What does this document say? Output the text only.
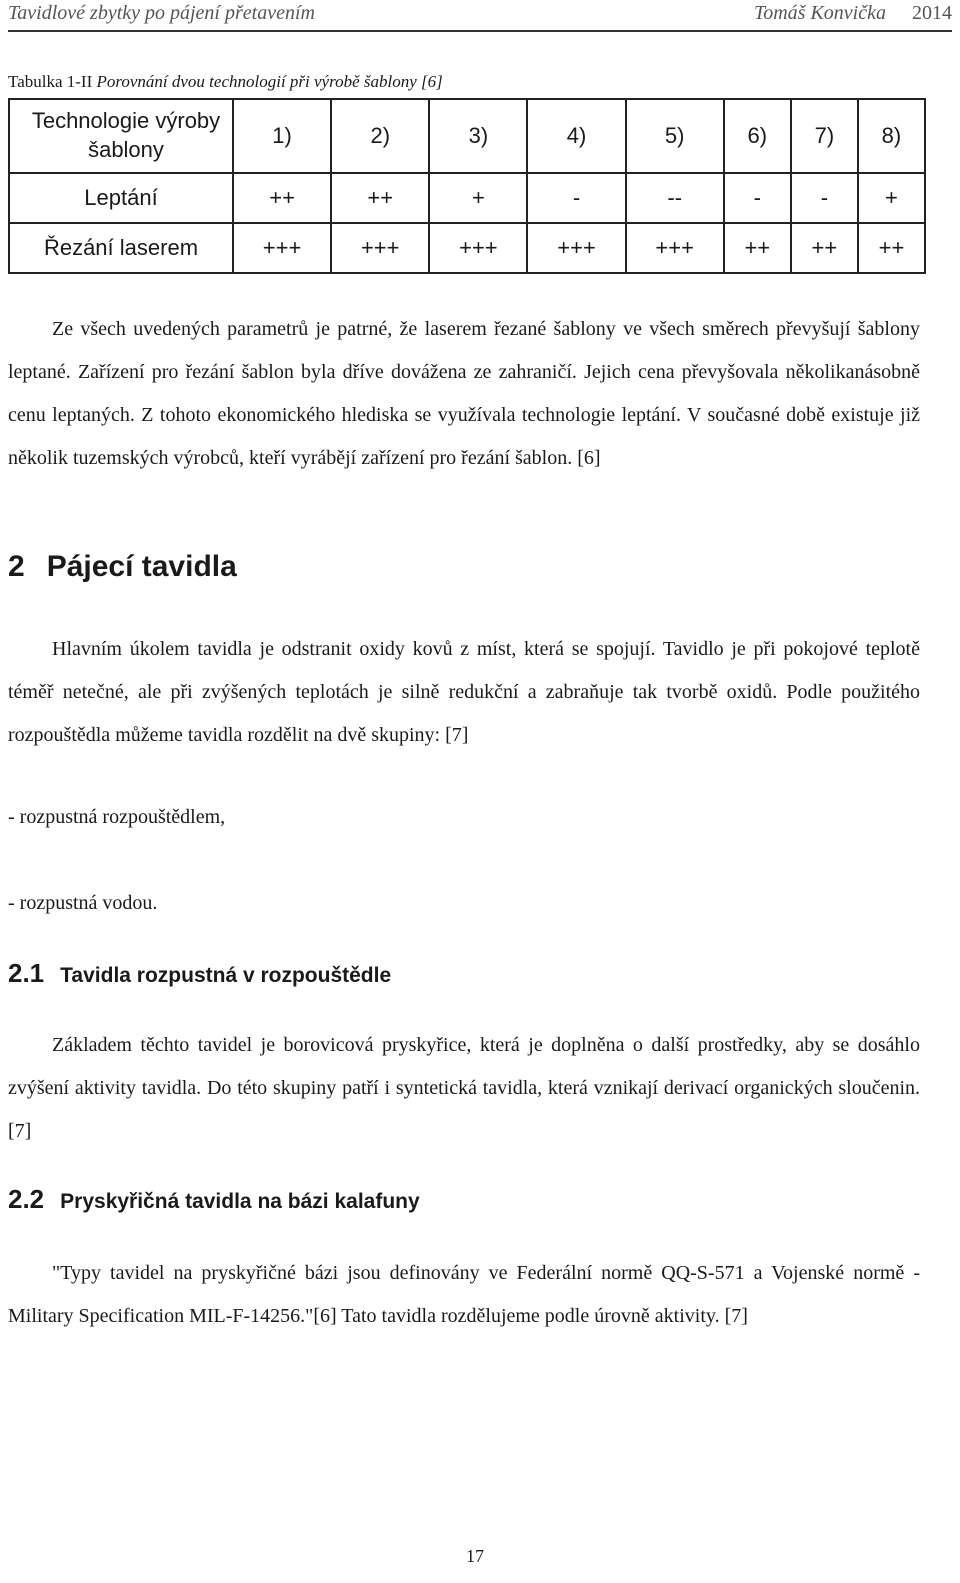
Tavidlové zbytky po pájení přetavením	Tomáš Konvička 2014
Tabulka 1-II Porovnání dvou technologií při výrobě šablony [6]
Technologie výroby šablony	1)	2)	3)	4)	5)	6)	7)	8)
Leptání	++	++	+	-	--	-	-	+
Řezání laserem	+++	+++	+++	+++	+++	++	++	++
Ze všech uvedených parametrů je patrné, že laserem řezané šablony ve všech směrech převyšují šablony leptané. Zařízení pro řezání šablon byla dříve dovážena ze zahraničí. Jejich cena převyšovala několikanásobně cenu leptaných. Z tohoto ekonomického hlediska se využívala technologie leptání. V současné době existuje již několik tuzemských výrobců, kteří vyrábějí zařízení pro řezání šablon. [6]
2 Pájecí tavidla
Hlavním úkolem tavidla je odstranit oxidy kovů z míst, která se spojují. Tavidlo je při pokojové teplotě téměř netečné, ale při zvýšených teplotách je silně redukční a zabraňuje tak tvorbě oxidů. Podle použitého rozpouštědla můžeme tavidla rozdělit na dvě skupiny: [7]
- rozpustná rozpouštědlem,
- rozpustná vodou.
2.1 Tavidla rozpustná v rozpouštědle
Základem těchto tavidel je borovicová pryskyřice, která je doplněna o další prostředky, aby se dosáhlo zvýšení aktivity tavidla. Do této skupiny patří i syntetická tavidla, která vznikají derivací organických sloučenin. [7]
2.2 Pryskyřičná tavidla na bázi kalafuny
"Typy tavidel na pryskyřičné bázi jsou definovány ve Federální normě QQ-S-571 a Vojenské normě - Military Specification MIL-F-14256."[6] Tato tavidla rozdělujeme podle úrovně aktivity. [7]
17
